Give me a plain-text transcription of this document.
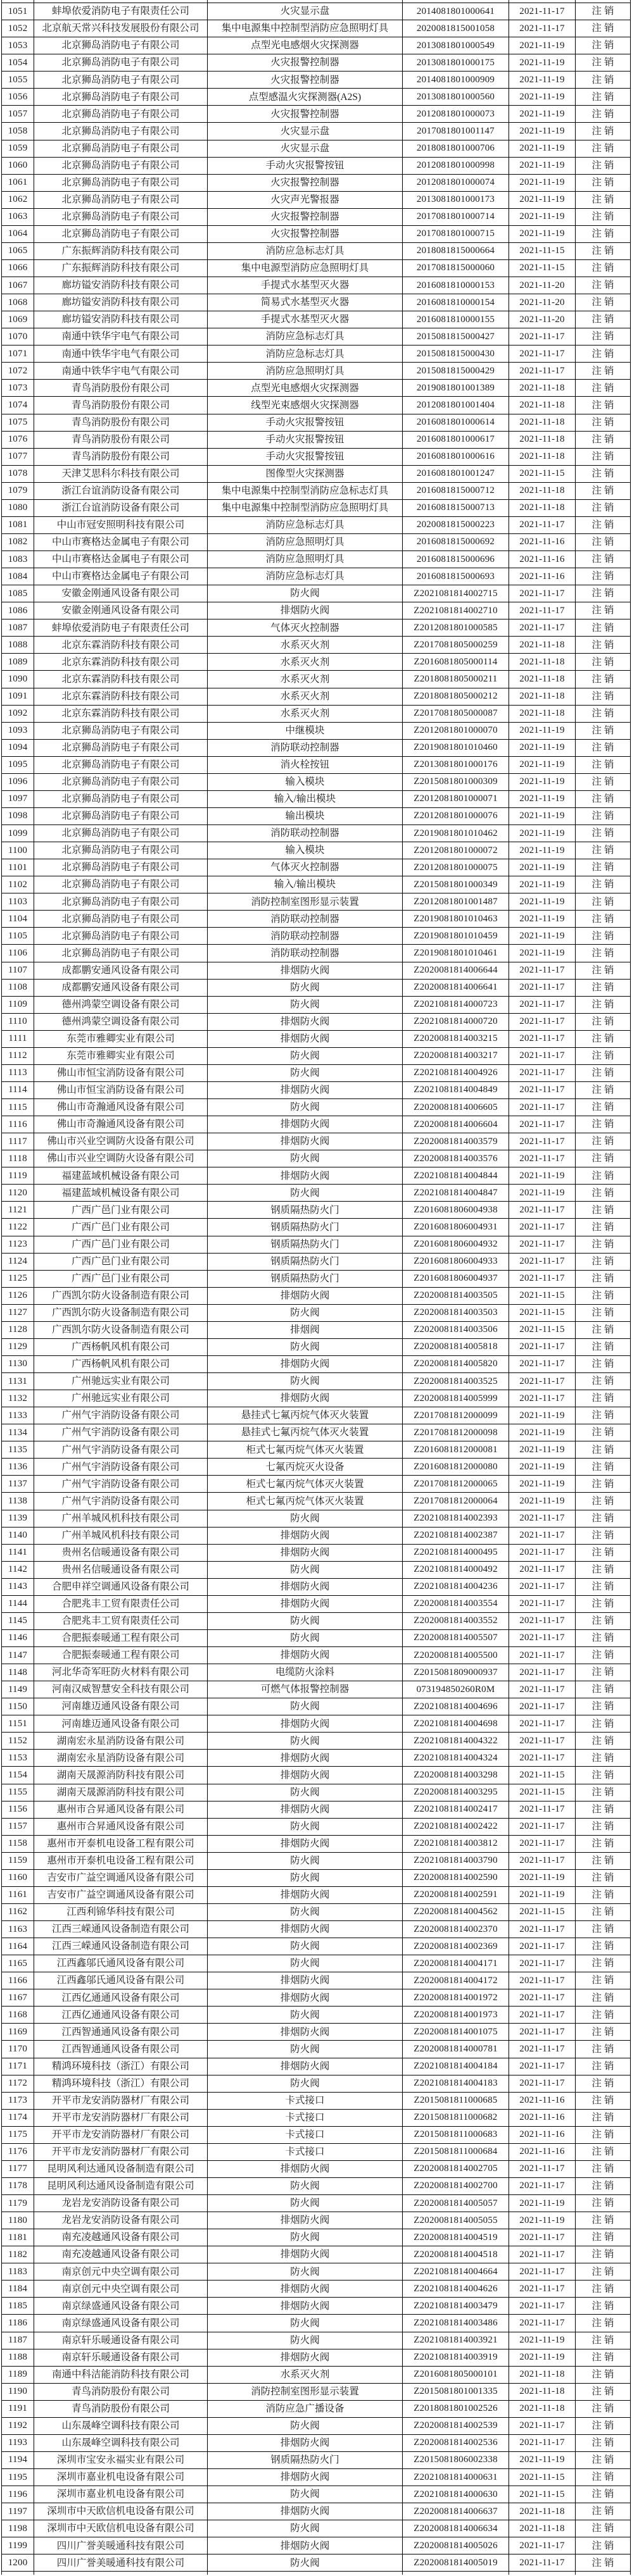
1051	蚌埠依爱消防电子有限责任公司	火灾显示盘	2014081801000641	2021-11-17	注销
1052	北京航天常兴科技发展股份有限公司	集中电源集中控制型消防应急照明灯具	2020081815001058	2021-11-17	注销
1053	北京狮岛消防电子有限公司	点型光电感烟火灾探测器	2013081801000549	2021-11-19	注销
1054	北京狮岛消防电子有限公司	火灾报警控制器	2013081801000175	2021-11-19	注销
1055	北京狮岛消防电子有限公司	火灾报警控制器	2014081801000909	2021-11-19	注销
1056	北京狮岛消防电子有限公司	点型感温火灾探测器(A2S)	2013081801000560	2021-11-19	注销
1057	北京狮岛消防电子有限公司	火灾报警控制器	2012081801000073	2021-11-19	注销
1058	北京狮岛消防电子有限公司	火灾显示盘	2017081801001147	2021-11-19	注销
1059	北京狮岛消防电子有限公司	火灾显示盘	2018081801000706	2021-11-19	注销
1060	北京狮岛消防电子有限公司	手动火灾报警按钮	2012081801000998	2021-11-19	注销
1061	北京狮岛消防电子有限公司	火灾报警控制器	2012081801000074	2021-11-19	注销
1062	北京狮岛消防电子有限公司	火灾声光警报器	2013081801000173	2021-11-19	注销
1063	北京狮岛消防电子有限公司	火灾报警控制器	2017081801000714	2021-11-19	注销
1064	北京狮岛消防电子有限公司	火灾报警控制器	2017081801000715	2021-11-19	注销
1065	广东振辉消防科技有限公司	消防应急标志灯具	2018081815000664	2021-11-15	注销
1066	广东振辉消防科技有限公司	集中电源型消防应急照明灯具	2017081815000060	2021-11-15	注销
1067	廊坊镒安消防科技有限公司	手提式水基型灭火器	2016081810000153	2021-11-20	注销
1068	廊坊镒安消防科技有限公司	简易式水基型灭火器	2016081810000154	2021-11-20	注销
1069	廊坊镒安消防科技有限公司	手提式水基型灭火器	2016081810000155	2021-11-20	注销
1070	南通中铁华宇电气有限公司	消防应急标志灯具	2015081815000427	2021-11-17	注销
1071	南通中铁华宇电气有限公司	消防应急标志灯具	2015081815000430	2021-11-17	注销
1072	南通中铁华宇电气有限公司	消防应急照明灯具	2015081815000429	2021-11-17	注销
1073	青鸟消防股份有限公司	点型光电感烟火灾探测器	2019081801001389	2021-11-18	注销
1074	青鸟消防股份有限公司	线型光束感烟火灾探测器	2012081801001404	2021-11-18	注销
1075	青鸟消防股份有限公司	手动火灾报警按钮	2016081801000614	2021-11-18	注销
1076	青鸟消防股份有限公司	手动火灾报警按钮	2016081801000617	2021-11-18	注销
1077	青鸟消防股份有限公司	手动火灾报警按钮	2016081801000616	2021-11-18	注销
1078	天津艾思科尔科技有限公司	图像型火灾探测器	2016081801001247	2021-11-15	注销
1079	浙江台谊消防设备有限公司	集中电源集中控制型消防应急标志灯具	2016081815000712	2021-11-18	注销
1080	浙江台谊消防设备有限公司	集中电源集中控制型消防应急照明灯具	2016081815000713	2021-11-18	注销
1081	中山市冠安照明科技有限公司	消防应急标志灯具	2020081815000223	2021-11-17	注销
1082	中山市赛格达金属电子有限公司	消防应急照明灯具	2016081815000692	2021-11-16	注销
1083	中山市赛格达金属电子有限公司	消防应急照明灯具	2016081815000696	2021-11-16	注销
1084	中山市赛格达金属电子有限公司	消防应急标志灯具	2016081815000693	2021-11-16	注销
1085	安徽金刚通风设备有限公司	防火阀	Z2021081814002715	2021-11-17	注销
1086	安徽金刚通风设备有限公司	排烟防火阀	Z2021081814002710	2021-11-17	注销
1087	蚌埠依爱消防电子有限责任公司	气体灭火控制器	Z2012081801000585	2021-11-17	注销
1088	北京东霖消防科技有限公司	水系灭火剂	Z2017081805000259	2021-11-18	注销
1089	北京东霖消防科技有限公司	水系灭火剂	Z2016081805000114	2021-11-18	注销
1090	北京东霖消防科技有限公司	水系灭火剂	Z2018081805000211	2021-11-18	注销
1091	北京东霖消防科技有限公司	水系灭火剂	Z2018081805000212	2021-11-18	注销
1092	北京东霖消防科技有限公司	水系灭火剂	Z2017081805000087	2021-11-18	注销
1093	北京狮岛消防电子有限公司	中继模块	Z2012081801000070	2021-11-19	注销
1094	北京狮岛消防电子有限公司	消防联动控制器	Z2019081801010460	2021-11-19	注销
1095	北京狮岛消防电子有限公司	消火栓按钮	Z2013081801000176	2021-11-19	注销
1096	北京狮岛消防电子有限公司	输入模块	Z2015081801000309	2021-11-19	注销
1097	北京狮岛消防电子有限公司	输入/输出模块	Z2012081801000071	2021-11-19	注销
1098	北京狮岛消防电子有限公司	输出模块	Z2012081801000076	2021-11-19	注销
1099	北京狮岛消防电子有限公司	消防联动控制器	Z2019081801010462	2021-11-19	注销
1100	北京狮岛消防电子有限公司	输入模块	Z2012081801000072	2021-11-19	注销
1101	北京狮岛消防电子有限公司	气体灭火控制器	Z2012081801000075	2021-11-19	注销
1102	北京狮岛消防电子有限公司	输入/输出模块	Z2015081801000349	2021-11-19	注销
1103	北京狮岛消防电子有限公司	消防控制室图形显示装置	Z2012081801001487	2021-11-19	注销
1104	北京狮岛消防电子有限公司	消防联动控制器	Z2019081801010463	2021-11-19	注销
1105	北京狮岛消防电子有限公司	消防联动控制器	Z2019081801010459	2021-11-19	注销
1106	北京狮岛消防电子有限公司	消防联动控制器	Z2019081801010461	2021-11-19	注销
1107	成都鹏安通风设备有限公司	排烟防火阀	Z2020081814006644	2021-11-17	注销
1108	成都鹏安通风设备有限公司	防火阀	Z2020081814006641	2021-11-17	注销
1109	德州鸿蒙空调设备有限公司	防火阀	Z2021081814000723	2021-11-17	注销
1110	德州鸿蒙空调设备有限公司	排烟防火阀	Z2021081814000720	2021-11-17	注销
1111	东莞市雅卿实业有限公司	排烟防火阀	Z2020081814003215	2021-11-17	注销
1112	东莞市雅卿实业有限公司	防火阀	Z2020081814003217	2021-11-17	注销
1113	佛山市恒宝消防设备有限公司	防火阀	Z2021081814004926	2021-11-17	注销
1114	佛山市恒宝消防设备有限公司	排烟防火阀	Z2021081814004849	2021-11-17	注销
1115	佛山市奇瀚通风设备有限公司	防火阀	Z2020081814006605	2021-11-17	注销
1116	佛山市奇瀚通风设备有限公司	排烟防火阀	Z2020081814006604	2021-11-17	注销
1117	佛山市兴业空调防火设备有限公司	排烟防火阀	Z2020081814003579	2021-11-17	注销
1118	佛山市兴业空调防火设备有限公司	防火阀	Z2020081814003576	2021-11-17	注销
1119	福建蓝域机械设备有限公司	排烟防火阀	Z2021081814004844	2021-11-19	注销
1120	福建蓝域机械设备有限公司	防火阀	Z2021081814004847	2021-11-19	注销
1121	广西广邑门业有限公司	钢质隔热防火门	Z2016081806004938	2021-11-17	注销
1122	广西广邑门业有限公司	钢质隔热防火门	Z2016081806004931	2021-11-17	注销
1123	广西广邑门业有限公司	钢质隔热防火门	Z2016081806004932	2021-11-17	注销
1124	广西广邑门业有限公司	钢质隔热防火门	Z2016081806004933	2021-11-17	注销
1125	广西广邑门业有限公司	钢质隔热防火门	Z2016081806004937	2021-11-17	注销
1126	广西凯尔防火设备制造有限公司	排烟防火阀	Z2020081814003505	2021-11-15	注销
1127	广西凯尔防火设备制造有限公司	防火阀	Z2020081814003503	2021-11-15	注销
1128	广西凯尔防火设备制造有限公司	排烟阀	Z2020081814003506	2021-11-15	注销
1129	广西杨帆风机有限公司	防火阀	Z2020081814005818	2021-11-17	注销
1130	广西杨帆风机有限公司	排烟防火阀	Z2020081814005820	2021-11-17	注销
1131	广州驰远实业有限公司	防火阀	Z2020081814003525	2021-11-17	注销
1132	广州驰远实业有限公司	排烟防火阀	Z2020081814005999	2021-11-17	注销
1133	广州气宇消防设备有限公司	悬挂式七氟丙烷气体灭火装置	Z2017081812000099	2021-11-19	注销
1134	广州气宇消防设备有限公司	悬挂式七氟丙烷气体灭火装置	Z2017081812000098	2021-11-19	注销
1135	广州气宇消防设备有限公司	柜式七氟丙烷气体灭火装置	Z2016081812000081	2021-11-19	注销
1136	广州气宇消防设备有限公司	七氟丙烷灭火设备	Z2016081812000080	2021-11-19	注销
1137	广州气宇消防设备有限公司	柜式七氟丙烷气体灭火装置	Z2017081812000065	2021-11-19	注销
1138	广州气宇消防设备有限公司	柜式七氟丙烷气体灭火装置	Z2017081812000064	2021-11-19	注销
1139	广州羊城风机科技有限公司	防火阀	Z2021081814002393	2021-11-17	注销
1140	广州羊城风机科技有限公司	排烟防火阀	Z2021081814002387	2021-11-17	注销
1141	贵州名信暖通设备有限公司	排烟防火阀	Z2021081814000495	2021-11-17	注销
1142	贵州名信暖通设备有限公司	防火阀	Z2021081814000492	2021-11-17	注销
1143	合肥申祥空调通风设备有限公司	排烟防火阀	Z2021081814004236	2021-11-17	注销
1144	合肥兆丰工贸有限责任公司	排烟防火阀	Z2020081814003554	2021-11-17	注销
1145	合肥兆丰工贸有限责任公司	防火阀	Z2020081814003552	2021-11-17	注销
1146	合肥振泰暖通工程有限公司	防火阀	Z2020081814005507	2021-11-17	注销
1147	合肥振泰暖通工程有限公司	排烟防火阀	Z2020081814005500	2021-11-17	注销
1148	河北华奇军旺防火材料有限公司	电缆防火涂料	Z2015081809000937	2021-11-17	注销
1149	河南汉威智慧安全科技有限公司	可燃气体报警控制器	073194850260R0M	2021-11-17	注销
1150	河南雄迈通风设备有限公司	防火阀	Z2021081814004696	2021-11-17	注销
1151	河南雄迈通风设备有限公司	排烟防火阀	Z2021081814004698	2021-11-17	注销
1152	湖南宏永星消防设备有限公司	防火阀	Z2021081814004322	2021-11-17	注销
1153	湖南宏永星消防设备有限公司	排烟防火阀	Z2021081814004324	2021-11-17	注销
1154	湖南天晟源消防科技有限公司	排烟防火阀	Z2020081814003298	2021-11-15	注销
1155	湖南天晟源消防科技有限公司	防火阀	Z2020081814003295	2021-11-15	注销
1156	惠州市合昇通风设备有限公司	排烟防火阀	Z2021081814002417	2021-11-17	注销
1157	惠州市合昇通风设备有限公司	防火阀	Z2021081814002422	2021-11-17	注销
1158	惠州市开泰机电设备工程有限公司	排烟防火阀	Z2021081814003812	2021-11-17	注销
1159	惠州市开泰机电设备工程有限公司	防火阀	Z2021081814003790	2021-11-17	注销
1160	吉安市广益空调通风设备有限公司	防火阀	Z2020081814002590	2021-11-19	注销
1161	吉安市广益空调通风设备有限公司	排烟防火阀	Z2020081814002591	2021-11-19	注销
1162	江西利锦华科技有限公司	防火阀	Z2020081814004562	2021-11-15	注销
1163	江西三嵘通风设备制造有限公司	排烟防火阀	Z2020081814002370	2021-11-17	注销
1164	江西三嵘通风设备制造有限公司	防火阀	Z2020081814002369	2021-11-17	注销
1165	江西鑫邬氏通风设备有限公司	防火阀	Z2020081814004171	2021-11-17	注销
1166	江西鑫邬氏通风设备有限公司	排烟防火阀	Z2020081814004172	2021-11-17	注销
1167	江西亿通通风设备有限公司	排烟防火阀	Z2020081814001972	2021-11-17	注销
1168	江西亿通通风设备有限公司	防火阀	Z2020081814001973	2021-11-17	注销
1169	江西智通通风设备有限公司	排烟防火阀	Z2020081814001075	2021-11-17	注销
1170	江西智通通风设备有限公司	防火阀	Z2020081814000781	2021-11-17	注销
1171	精鸿环境科技（浙江）有限公司	排烟防火阀	Z2021081814004184	2021-11-17	注销
1172	精鸿环境科技（浙江）有限公司	防火阀	Z2021081814004183	2021-11-17	注销
1173	开平市龙安消防器材厂有限公司	卡式接口	Z2015081811000685	2021-11-16	注销
1174	开平市龙安消防器材厂有限公司	卡式接口	Z2015081811000682	2021-11-16	注销
1175	开平市龙安消防器材厂有限公司	卡式接口	Z2015081811000683	2021-11-16	注销
1176	开平市龙安消防器材厂有限公司	卡式接口	Z2015081811000684	2021-11-16	注销
1177	昆明风利达通风设备制造有限公司	排烟防火阀	Z2020081814002705	2021-11-17	注销
1178	昆明风利达通风设备制造有限公司	防火阀	Z2020081814002700	2021-11-17	注销
1179	龙岩龙安消防设备有限公司	防火阀	Z2020081814005057	2021-11-19	注销
1180	龙岩龙安消防设备有限公司	排烟防火阀	Z2020081814005055	2021-11-19	注销
1181	南充凌越通风设备有限公司	防火阀	Z2020081814004519	2021-11-17	注销
1182	南充凌越通风设备有限公司	排烟防火阀	Z2020081814004518	2021-11-17	注销
1183	南京创元中央空调有限公司	防火阀	Z2021081814004664	2021-11-17	注销
1184	南京创元中央空调有限公司	排烟防火阀	Z2021081814004626	2021-11-17	注销
1185	南京绿盛通风设备有限公司	排烟防火阀	Z2021081814003479	2021-11-17	注销
1186	南京绿盛通风设备有限公司	防火阀	Z2021081814003486	2021-11-17	注销
1187	南京轩乐暖通设备有限公司	防火阀	Z2021081814003921	2021-11-19	注销
1188	南京轩乐暖通设备有限公司	排烟防火阀	Z2021081814003919	2021-11-19	注销
1189	南通中科洁能消防科技有限公司	水系灭火剂	Z2016081805000101	2021-11-18	注销
1190	青鸟消防股份有限公司	消防控制室图形显示装置	Z2015081801001335	2021-11-18	注销
1191	青鸟消防股份有限公司	消防应急广播设备	Z2018081801002526	2021-11-18	注销
1192	山东晟峰空调科技有限公司	防火阀	Z2020081814002539	2021-11-17	注销
1193	山东晟峰空调科技有限公司	排烟防火阀	Z2020081814002536	2021-11-17	注销
1194	深圳市宝安永福实业有限公司	钢质隔热防火门	Z2015081806002338	2021-11-19	注销
1195	深圳市嘉业机电设备有限公司	排烟防火阀	Z2021081814000631	2021-11-15	注销
1196	深圳市嘉业机电设备有限公司	防火阀	Z2021081814000630	2021-11-15	注销
1197	深圳市中天欧信机电设备有限公司	排烟防火阀	Z2020081814006637	2021-11-18	注销
1198	深圳市中天欧信机电设备有限公司	防火阀	Z2020081814006634	2021-11-18	注销
1199	四川广誉美暖通科技有限公司	排烟防火阀	Z2020081814005026	2021-11-17	注销
1200	四川广誉美暖通科技有限公司	防火阀	Z2020081814005019	2021-11-17	注销
